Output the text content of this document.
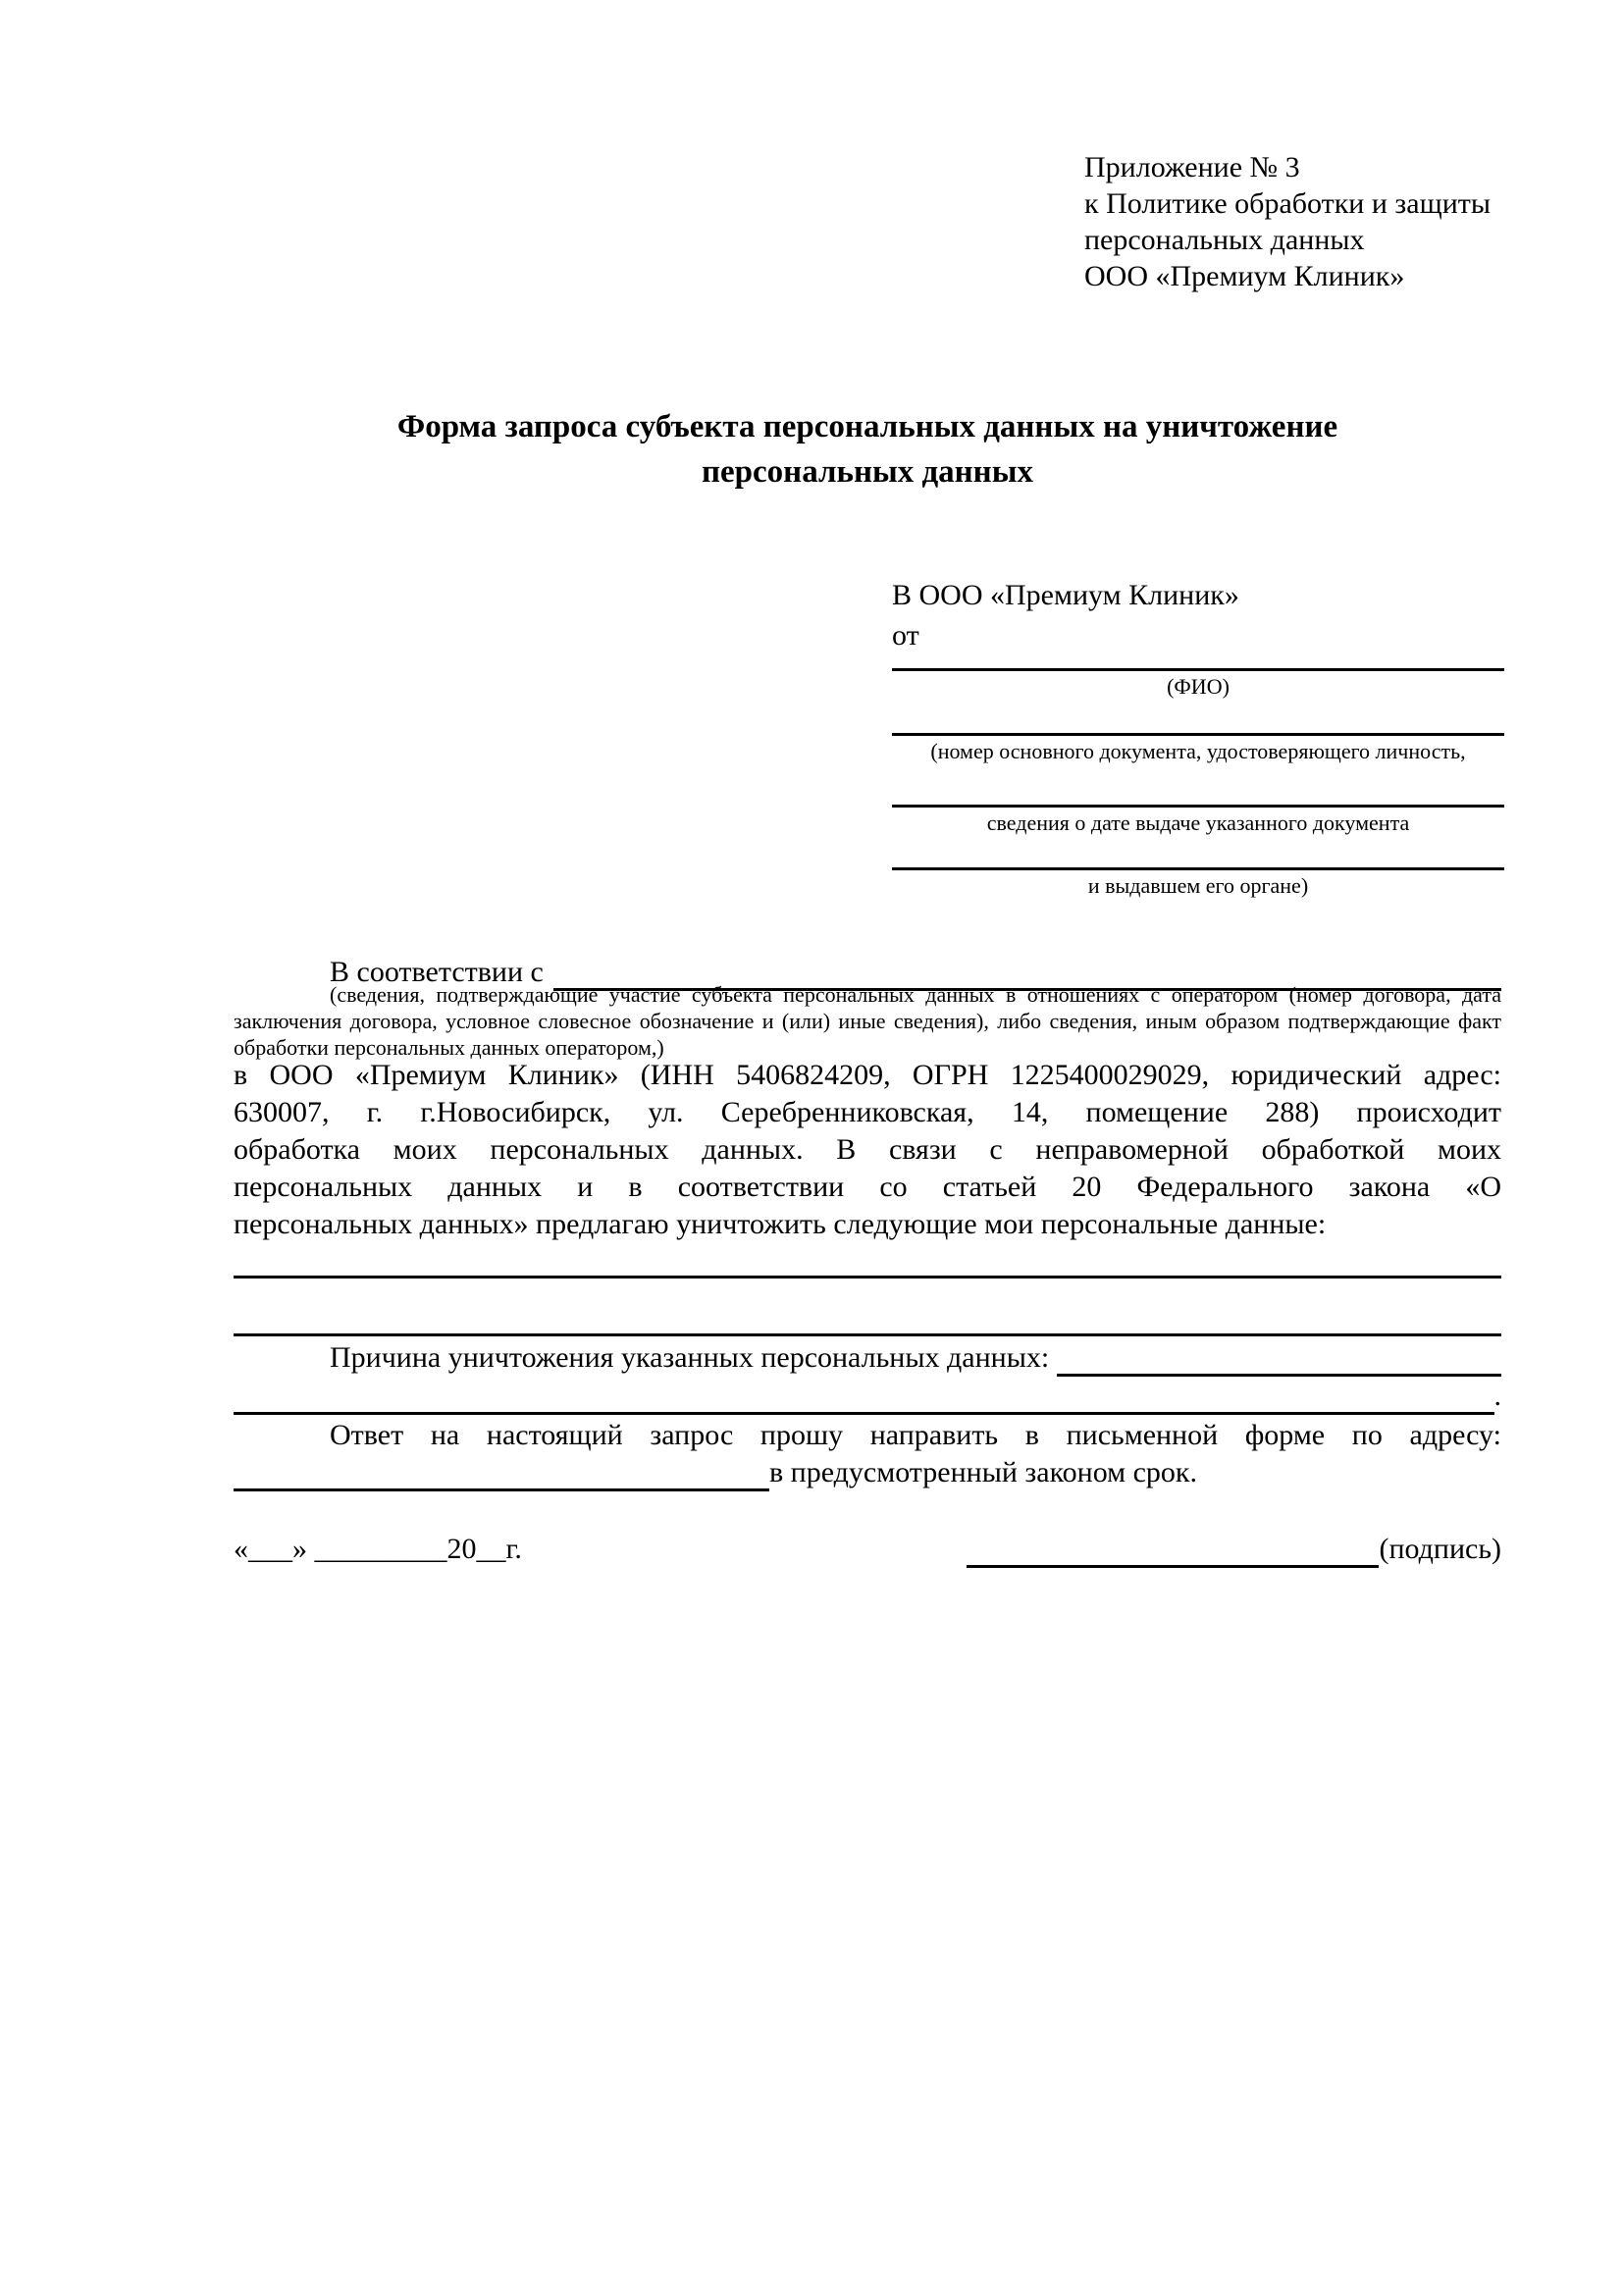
Приложение № 3
к Политике обработки и защиты
персональных данных
ООО «Премиум Клиник»
Форма запроса субъекта персональных данных на уничтожение
персональных данных
В ООО «Премиум Клиник»
от
(ФИО)
(номер основного документа, удостоверяющего личность,
сведения о дате выдаче указанного документа
и выдавшем его органе)
В соответствии с
(сведения, подтверждающие участие субъекта персональных данных в отношениях с оператором (номер договора, дата
заключения договора, условное словесное обозначение и (или) иные сведения), либо сведения, иным образом подтверждающие факт
обработки персональных данных оператором,)
в ООО «Премиум Клиник» (ИНН 5406824209, ОГРН 1225400029029, юридический адрес:
630007, г. г.Новосибирск, ул. Серебренниковская, 14, помещение 288) происходит
обработка моих персональных данных. В связи с неправомерной обработкой моих
персональных данных и в соответствии со статьей 20 Федерального закона «О
персональных данных» предлагаю уничтожить следующие мои персональные данные:
Причина уничтожения указанных персональных данных:
.
Ответ на настоящий запрос прошу направить в письменной форме по адресу:
в предусмотренный законом срок.
«___» _________20__г.	(подпись)
